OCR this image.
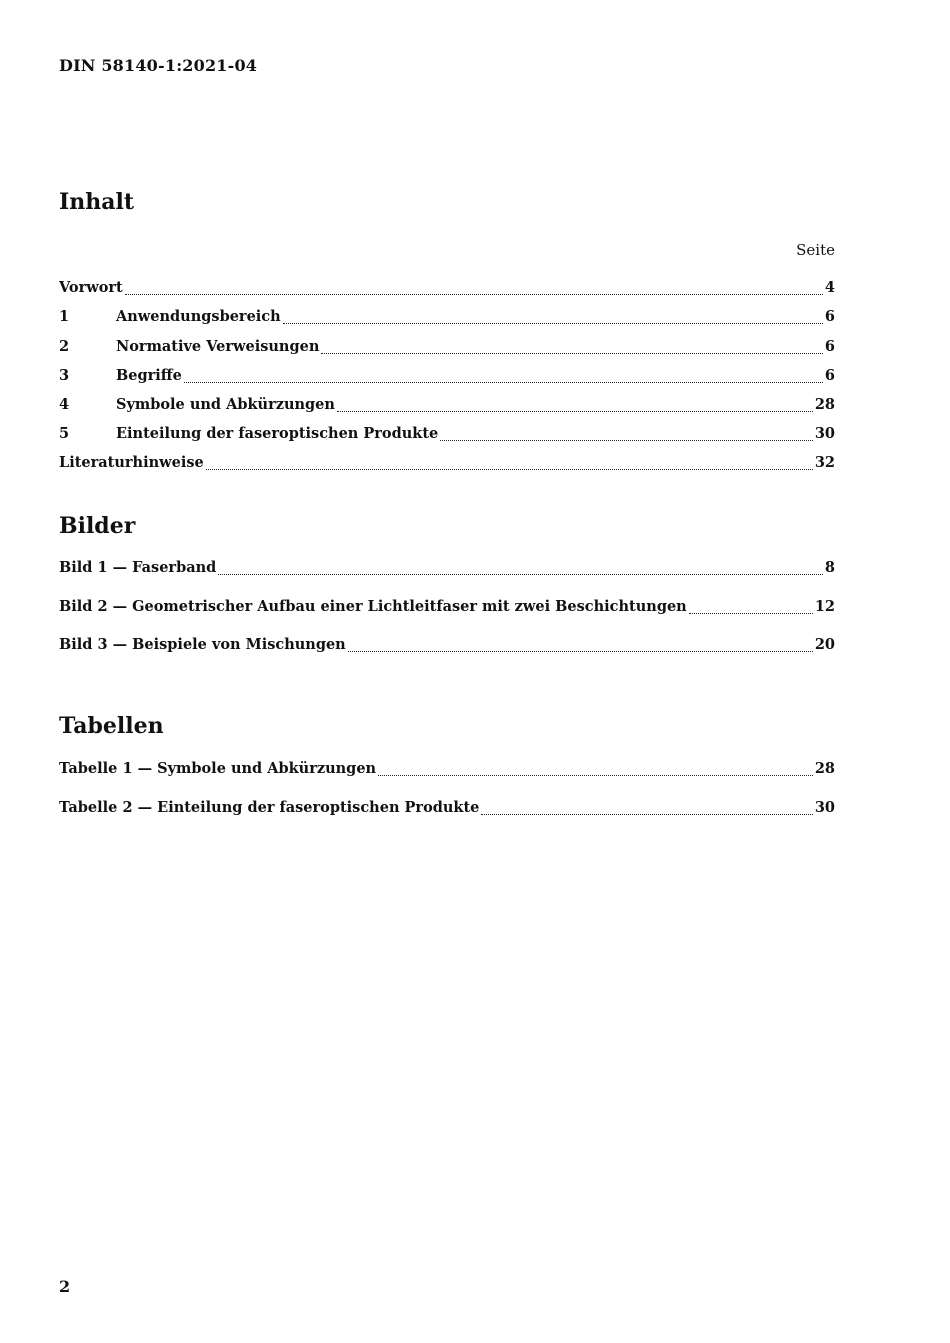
DIN 58140-1:2021-04
Inhalt
Seite
Vorwort	4
1	Anwendungsbereich	6
2	Normative Verweisungen	6
3	Begriffe	6
4	Symbole und Abkürzungen	28
5	Einteilung der faseroptischen Produkte	30
Literaturhinweise	32
Bilder
Bild 1 — Faserband	8
Bild 2 — Geometrischer Aufbau einer Lichtleitfaser mit zwei Beschichtungen	12
Bild 3 — Beispiele von Mischungen	20
Tabellen
Tabelle 1 — Symbole und Abkürzungen	28
Tabelle 2 — Einteilung der faseroptischen Produkte	30
2
